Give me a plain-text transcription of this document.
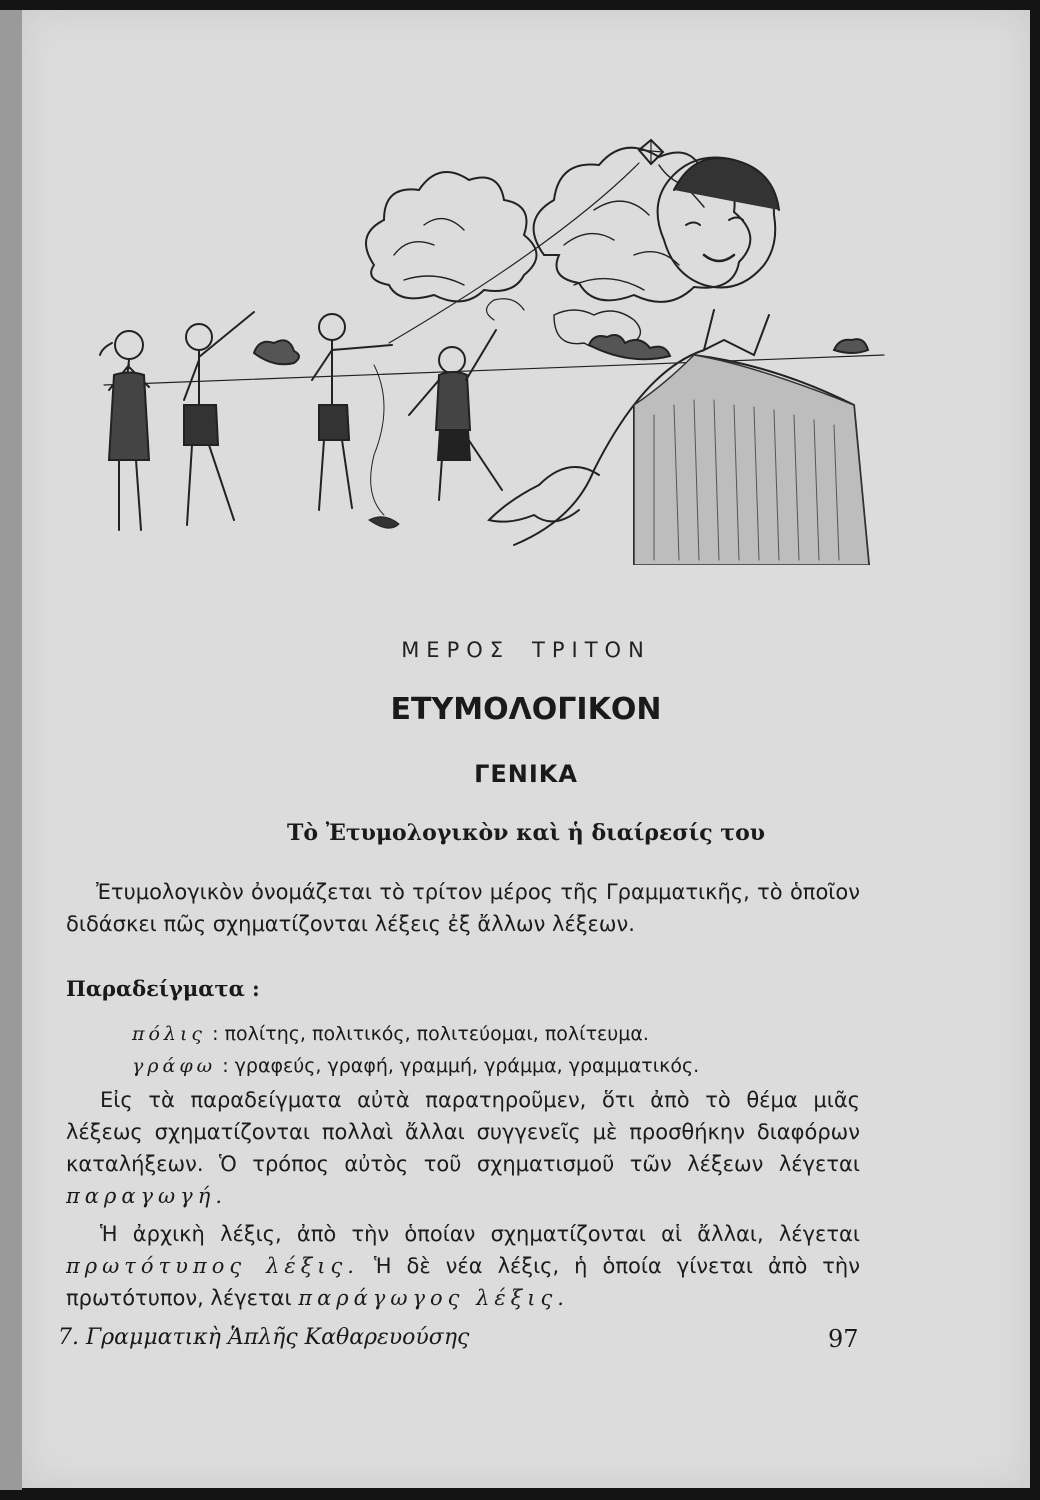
ΜΕΡΟΣ ΤΡΙΤΟΝ
ΕΤΥΜΟΛΟΓΙΚΟΝ
ΓΕΝΙΚΑ
Τὸ Ἐτυμολογικὸν καὶ ἡ διαίρεσίς του
Ἐτυμολογικὸν ὀνομάζεται τὸ τρίτον μέρος τῆς Γραμματικῆς, τὸ ὁποῖον διδάσκει πῶς σχηματίζονται λέξεις ἐξ ἄλλων λέξεων.
Παραδείγματα :
πόλις : πολίτης, πολιτικός, πολιτεύομαι, πολίτευμα.
γράφω : γραφεύς, γραφή, γραμμή, γράμμα, γραμματικός.
Εἰς τὰ παραδείγματα αὐτὰ παρατηροῦμεν, ὅτι ἀπὸ τὸ θέμα μιᾶς λέξεως σχηματίζονται πολλαὶ ἄλλαι συγγενεῖς μὲ προσθήκην διαφόρων καταλήξεων. Ὁ τρόπος αὐτὸς τοῦ σχηματισμοῦ τῶν λέξεων λέγεται παραγωγή.
Ἡ ἀρχικὴ λέξις, ἀπὸ τὴν ὁποίαν σχηματίζονται αἱ ἄλλαι, λέγεται πρωτότυπος λέξις. Ἡ δὲ νέα λέξις, ἡ ὁποία γίνεται ἀπὸ τὴν πρωτότυπον, λέγεται παράγωγος λέξις.
7. Γραμματικὴ Ἁπλῆς Καθαρευούσης	97
